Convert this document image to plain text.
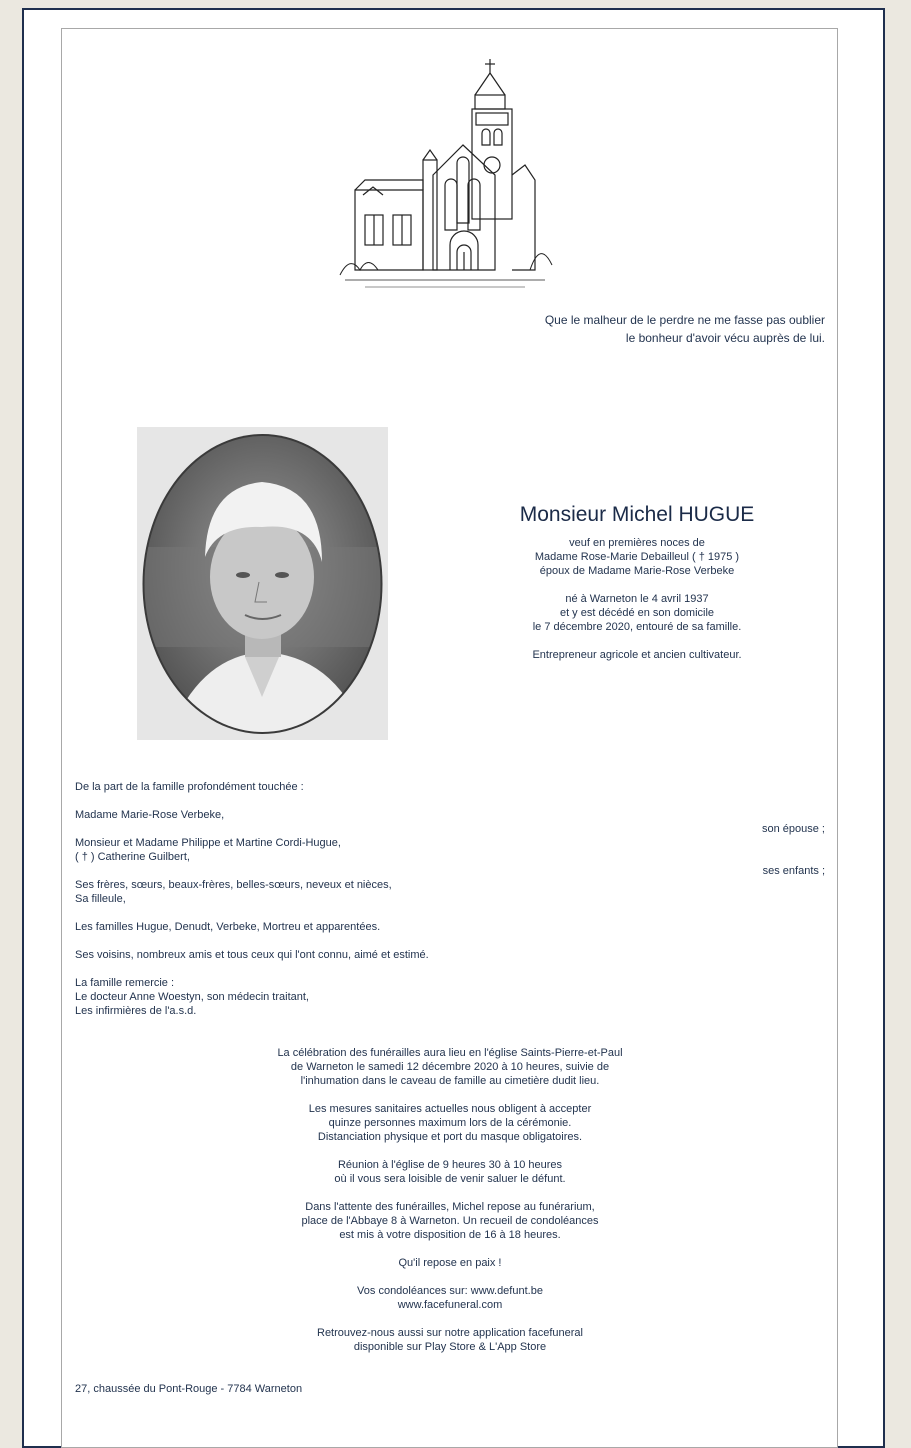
Que le malheur de le perdre ne me fasse pas oublier
le bonheur d'avoir vécu auprès de lui.
Monsieur Michel HUGUE
veuf en premières noces de
Madame Rose-Marie Debailleul ( † 1975 )
époux de Madame Marie-Rose Verbeke
né à Warneton le 4 avril 1937
et y est décédé en son domicile
le 7 décembre 2020, entouré de sa famille.
Entrepreneur agricole et ancien cultivateur.
De la part de la famille profondément touchée :
Madame Marie-Rose Verbeke,
son épouse ;
Monsieur et Madame Philippe et Martine Cordi-Hugue,
( † ) Catherine Guilbert,
ses enfants ;
Ses frères, sœurs, beaux-frères, belles-sœurs, neveux et nièces,
Sa filleule,
Les familles Hugue, Denudt, Verbeke, Mortreu et apparentées.
Ses voisins, nombreux amis et tous ceux qui l'ont connu, aimé et estimé.
La famille remercie :
Le docteur Anne Woestyn, son médecin traitant,
Les infirmières de l'a.s.d.
La célébration des funérailles aura lieu en l'église Saints-Pierre-et-Paul
de Warneton le samedi 12 décembre 2020 à 10 heures, suivie de
l'inhumation dans le caveau de famille au cimetière dudit lieu.
Les mesures sanitaires actuelles nous obligent à accepter
quinze personnes maximum lors de la cérémonie.
Distanciation physique et port du masque obligatoires.
Réunion à l'église de 9 heures 30 à 10 heures
où il vous sera loisible de venir saluer le défunt.
Dans l'attente des funérailles, Michel repose au funérarium,
place de l'Abbaye 8 à Warneton. Un recueil de condoléances
est mis à votre disposition de 16 à 18 heures.
Qu'il repose en paix !
Vos condoléances sur: www.defunt.be
www.facefuneral.com
Retrouvez-nous aussi sur notre application facefuneral
disponible sur Play Store & L'App Store
27, chaussée du Pont-Rouge - 7784 Warneton
